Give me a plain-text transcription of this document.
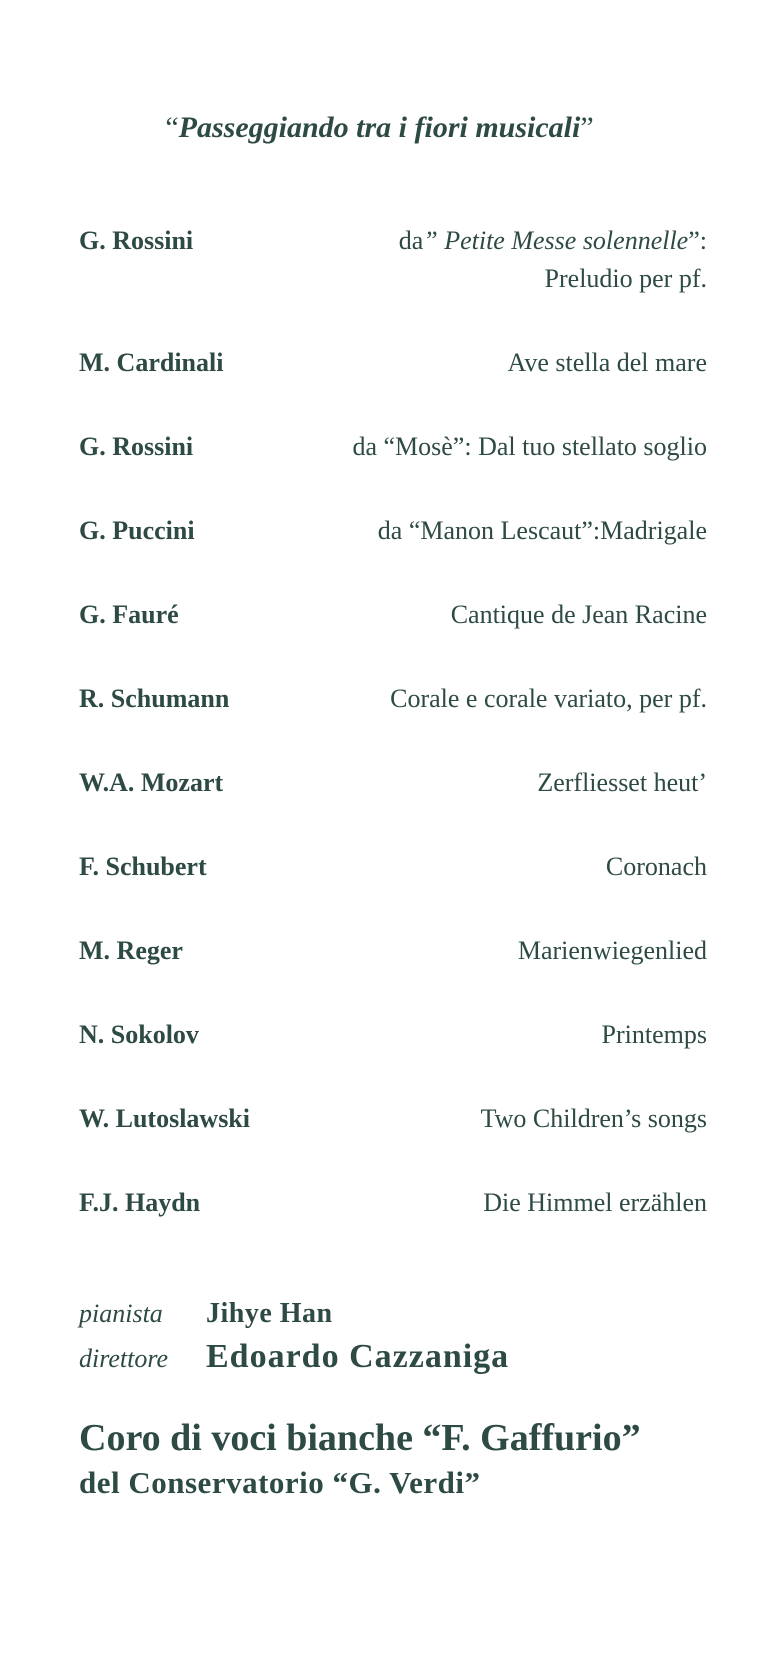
“Passeggiando tra i fiori musicali”
G. Rossini	da” Petite Messe solennelle”:
Preludio per pf.
M. Cardinali	Ave stella del mare
G. Rossini	da “Mosè”: Dal tuo stellato soglio
G. Puccini	da “Manon Lescaut”:Madrigale
G. Fauré	Cantique de Jean Racine
R. Schumann	Corale e corale variato, per pf.
W.A. Mozart	Zerfliesset heut’
F. Schubert	Coronach
M. Reger	Marienwiegenlied
N. Sokolov	Printemps
W. Lutoslawski	Two Children’s songs
F.J. Haydn	Die Himmel erzählen
pianista	Jihye Han
direttore	Edoardo Cazzaniga
Coro di voci bianche “F. Gaffurio”
del Conservatorio “G. Verdi”
